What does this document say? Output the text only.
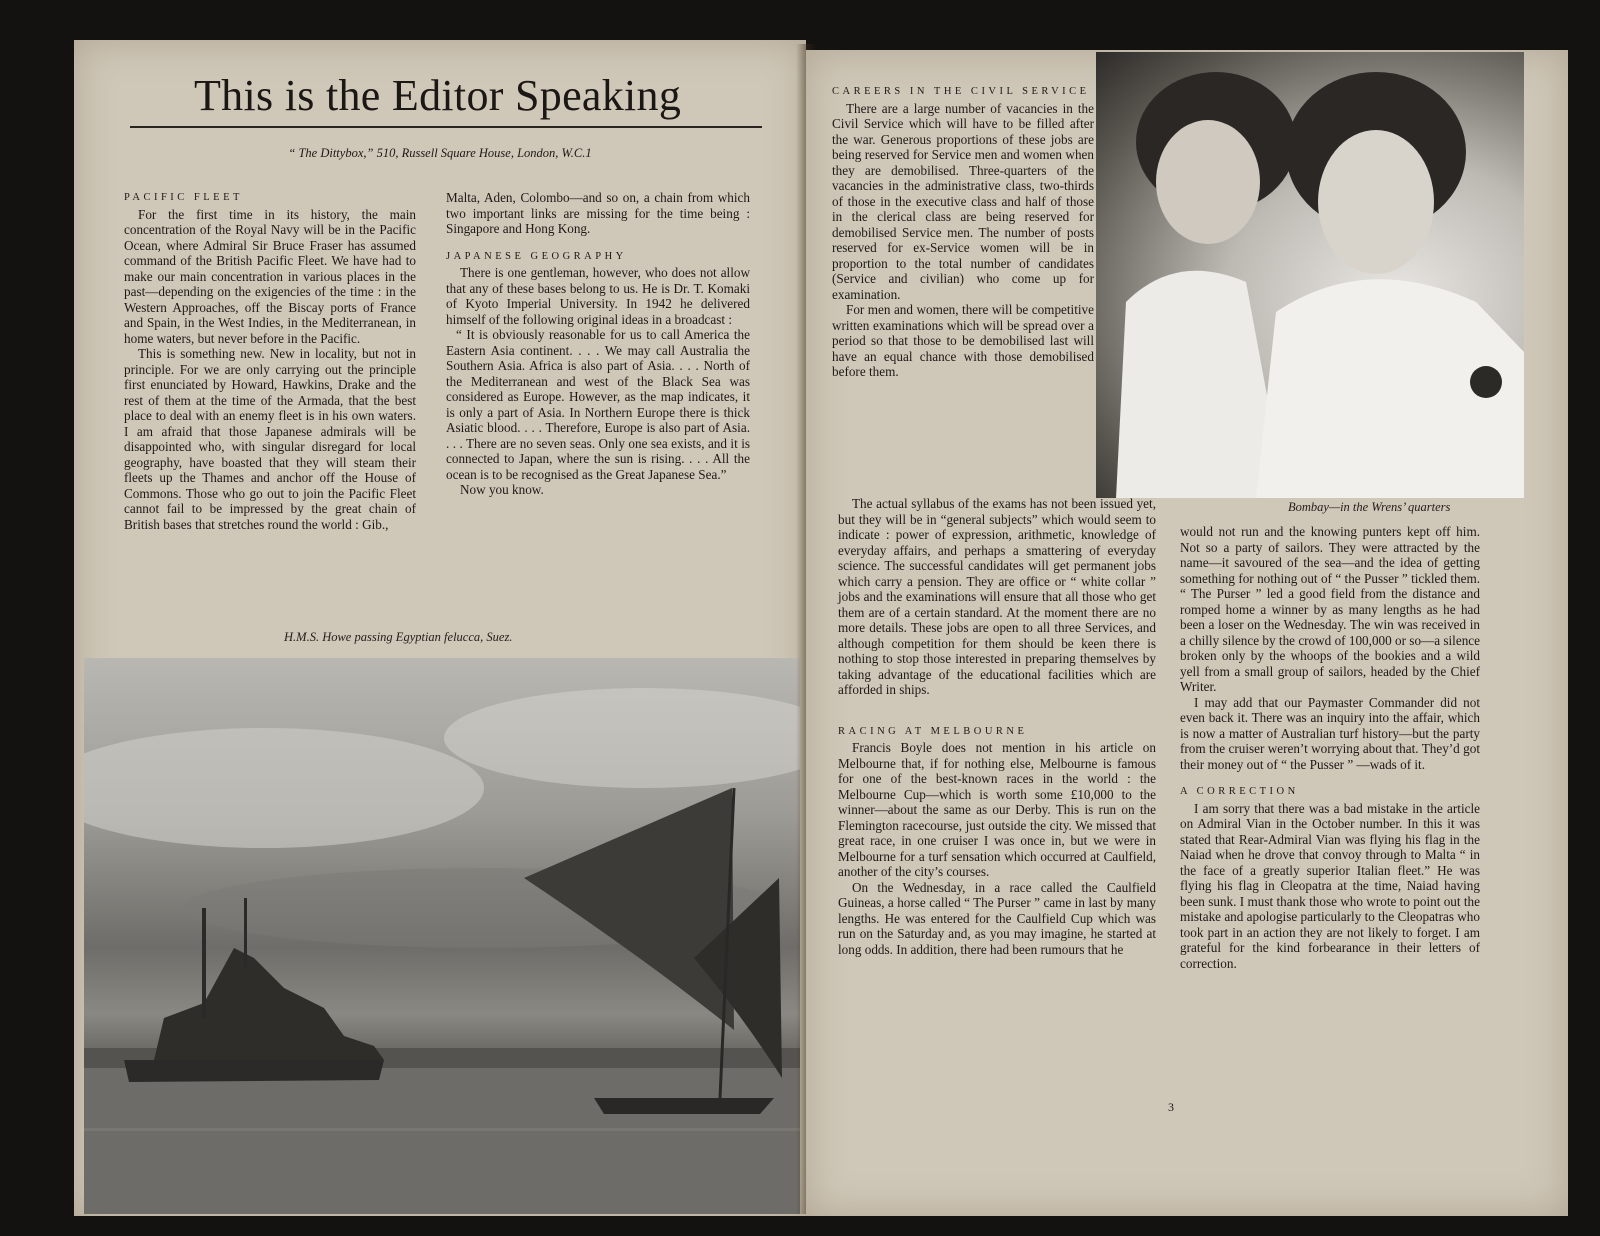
This is the Editor Speaking
“ The Dittybox,” 510, Russell Square House, London, W.C.1
PACIFIC FLEET

For the first time in its history, the main concentration of the Royal Navy will be in the Pacific Ocean, where Admiral Sir Bruce Fraser has assumed command of the British Pacific Fleet. We have had to make our main concentration in various places in the past—depending on the exigencies of the time : in the Western Approaches, off the Biscay ports of France and Spain, in the West Indies, in the Mediterranean, in home waters, but never before in the Pacific.

This is something new. New in locality, but not in principle. For we are only carrying out the principle first enunciated by Howard, Hawkins, Drake and the rest of them at the time of the Armada, that the best place to deal with an enemy fleet is in his own waters. I am afraid that those Japanese admirals will be disappointed who, with singular disregard for local geography, have boasted that they will steam their fleets up the Thames and anchor off the House of Commons. Those who go out to join the Pacific Fleet cannot fail to be impressed by the great chain of British bases that stretches round the world : Gib.,

Malta, Aden, Colombo—and so on, a chain from which two important links are missing for the time being : Singapore and Hong Kong.

JAPANESE GEOGRAPHY

There is one gentleman, however, who does not allow that any of these bases belong to us. He is Dr. T. Komaki of Kyoto Imperial University. In 1942 he delivered himself of the following original ideas in a broadcast :

“ It is obviously reasonable for us to call America the Eastern Asia continent. . . . We may call Australia the Southern Asia. Africa is also part of Asia. . . . North of the Mediterranean and west of the Black Sea was considered as Europe. However, as the map indicates, it is only a part of Asia. In Northern Europe there is thick Asiatic blood. . . . Therefore, Europe is also part of Asia. . . . There are no seven seas. Only one sea exists, and it is connected to Japan, where the sun is rising. . . . All the ocean is to be recognised as the Great Japanese Sea.”

Now you know.

H.M.S. Howe passing Egyptian felucca, Suez.
CAREERS IN THE CIVIL SERVICE

There are a large number of vacancies in the Civil Service which will have to be filled after the war. Generous proportions of these jobs are being reserved for Service men and women when they are demobilised. Three-quarters of the vacancies in the administrative class, two-thirds of those in the executive class and half of those in the clerical class are being reserved for demobilised Service men. The number of posts reserved for ex-Service women will be in proportion to the total number of candidates (Service and civilian) who come up for examination.

For men and women, there will be competitive written examinations which will be spread over a period so that those to be demobilised last will have an equal chance with those demobilised before them.

Bombay—in the Wrens’ quarters

The actual syllabus of the exams has not been issued yet, but they will be in “general subjects” which would seem to indicate : power of expression, arithmetic, knowledge of everyday affairs, and perhaps a smattering of everyday science. The successful candidates will get permanent jobs which carry a pension. They are office or “ white collar ” jobs and the examinations will ensure that all those who get them are of a certain standard. At the moment there are no more details. These jobs are open to all three Services, and although competition for them should be keen there is nothing to stop those interested in preparing themselves by taking advantage of the educational facilities which are afforded in ships.

RACING AT MELBOURNE

Francis Boyle does not mention in his article on Melbourne that, if for nothing else, Melbourne is famous for one of the best-known races in the world : the Melbourne Cup—which is worth some £10,000 to the winner—about the same as our Derby. This is run on the Flemington racecourse, just outside the city. We missed that great race, in one cruiser I was once in, but we were in Melbourne for a turf sensation which occurred at Caulfield, another of the city’s courses.

On the Wednesday, in a race called the Caulfield Guineas, a horse called “ The Purser ” came in last by many lengths. He was entered for the Caulfield Cup which was run on the Saturday and, as you may imagine, he started at long odds. In addition, there had been rumours that he

would not run and the knowing punters kept off him. Not so a party of sailors. They were attracted by the name—it savoured of the sea—and the idea of getting something for nothing out of “ the Pusser ” tickled them. “ The Purser ” led a good field from the distance and romped home a winner by as many lengths as he had been a loser on the Wednesday. The win was received in a chilly silence by the crowd of 100,000 or so—a silence broken only by the whoops of the bookies and a wild yell from a small group of sailors, headed by the Chief Writer.

I may add that our Paymaster Commander did not even back it. There was an inquiry into the affair, which is now a matter of Australian turf history—but the party from the cruiser weren’t worrying about that. They’d got their money out of “ the Pusser ” —wads of it.

A CORRECTION

I am sorry that there was a bad mistake in the article on Admiral Vian in the October number. In this it was stated that Rear-Admiral Vian was flying his flag in the Naiad when he drove that convoy through to Malta “ in the face of a greatly superior Italian fleet.” He was flying his flag in Cleopatra at the time, Naiad having been sunk. I must thank those who wrote to point out the mistake and apologise particularly to the Cleopatras who took part in an action they are not likely to forget. I am grateful for the kind forbearance in their letters of correction.

3
